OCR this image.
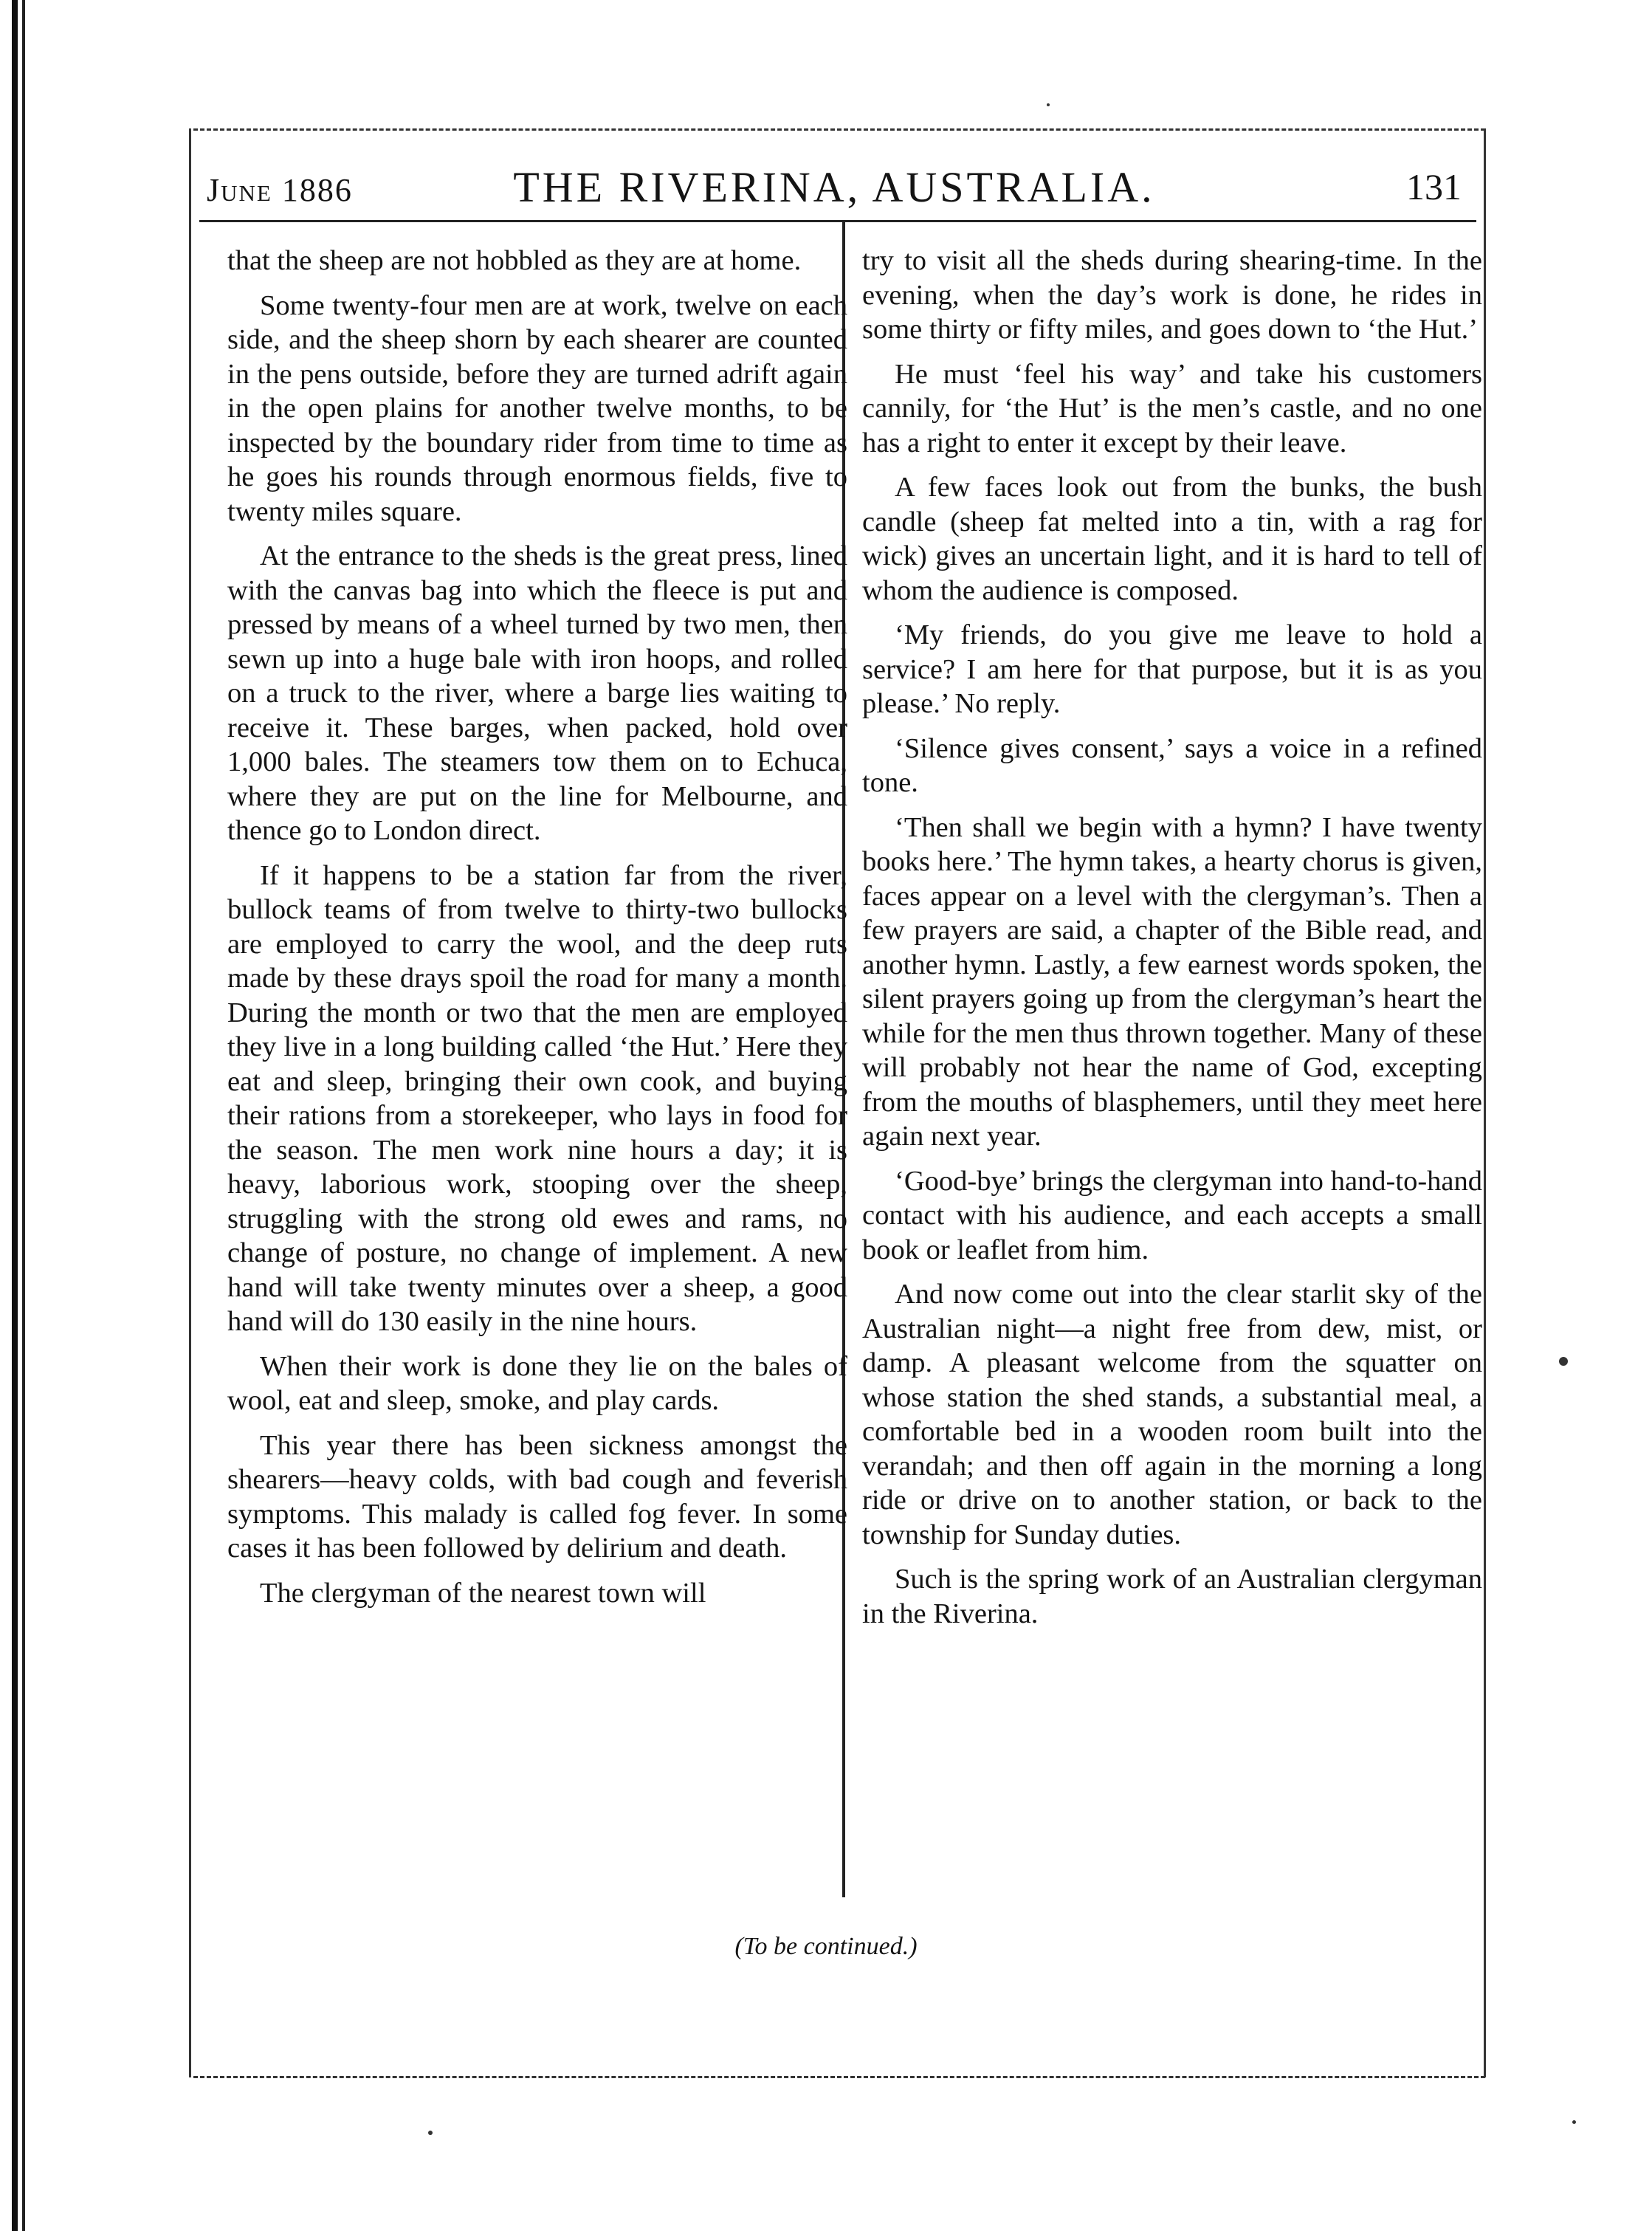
June 1886	THE RIVERINA, AUSTRALIA.	131

that the sheep are not hobbled as they are at home.

Some twenty-four men are at work, twelve on each side, and the sheep shorn by each shearer are counted in the pens outside, before they are turned adrift again in the open plains for another twelve months, to be inspected by the boundary rider from time to time as he goes his rounds through enormous fields, five to twenty miles square.

At the entrance to the sheds is the great press, lined with the canvas bag into which the fleece is put and pressed by means of a wheel turned by two men, then sewn up into a huge bale with iron hoops, and rolled on a truck to the river, where a barge lies waiting to receive it. These barges, when packed, hold over 1,000 bales. The steamers tow them on to Echuca, where they are put on the line for Melbourne, and thence go to London direct.

If it happens to be a station far from the river, bullock teams of from twelve to thirty-two bullocks are employed to carry the wool, and the deep ruts made by these drays spoil the road for many a month. During the month or two that the men are employed they live in a long building called ‘the Hut.’ Here they eat and sleep, bringing their own cook, and buying their rations from a storekeeper, who lays in food for the season. The men work nine hours a day; it is heavy, laborious work, stooping over the sheep, struggling with the strong old ewes and rams, no change of posture, no change of implement. A new hand will take twenty minutes over a sheep, a good hand will do 130 easily in the nine hours.

When their work is done they lie on the bales of wool, eat and sleep, smoke, and play cards.

This year there has been sickness amongst the shearers—heavy colds, with bad cough and feverish symptoms. This malady is called fog fever. In some cases it has been followed by delirium and death.

The clergyman of the nearest town will

try to visit all the sheds during shearing-time. In the evening, when the day’s work is done, he rides in some thirty or fifty miles, and goes down to ‘the Hut.’

He must ‘feel his way’ and take his customers cannily, for ‘the Hut’ is the men’s castle, and no one has a right to enter it except by their leave.

A few faces look out from the bunks, the bush candle (sheep fat melted into a tin, with a rag for wick) gives an uncertain light, and it is hard to tell of whom the audience is composed.

‘My friends, do you give me leave to hold a service? I am here for that purpose, but it is as you please.’ No reply.

‘Silence gives consent,’ says a voice in a refined tone.

‘Then shall we begin with a hymn? I have twenty books here.’ The hymn takes, a hearty chorus is given, faces appear on a level with the clergyman’s. Then a few prayers are said, a chapter of the Bible read, and another hymn. Lastly, a few earnest words spoken, the silent prayers going up from the clergyman’s heart the while for the men thus thrown together. Many of these will probably not hear the name of God, excepting from the mouths of blasphemers, until they meet here again next year.

‘Good-bye’ brings the clergyman into hand-to-hand contact with his audience, and each accepts a small book or leaflet from him.

And now come out into the clear starlit sky of the Australian night—a night free from dew, mist, or damp. A pleasant welcome from the squatter on whose station the shed stands, a substantial meal, a comfortable bed in a wooden room built into the verandah; and then off again in the morning a long ride or drive on to another station, or back to the township for Sunday duties.

Such is the spring work of an Australian clergyman in the Riverina.

(To be continued.)
